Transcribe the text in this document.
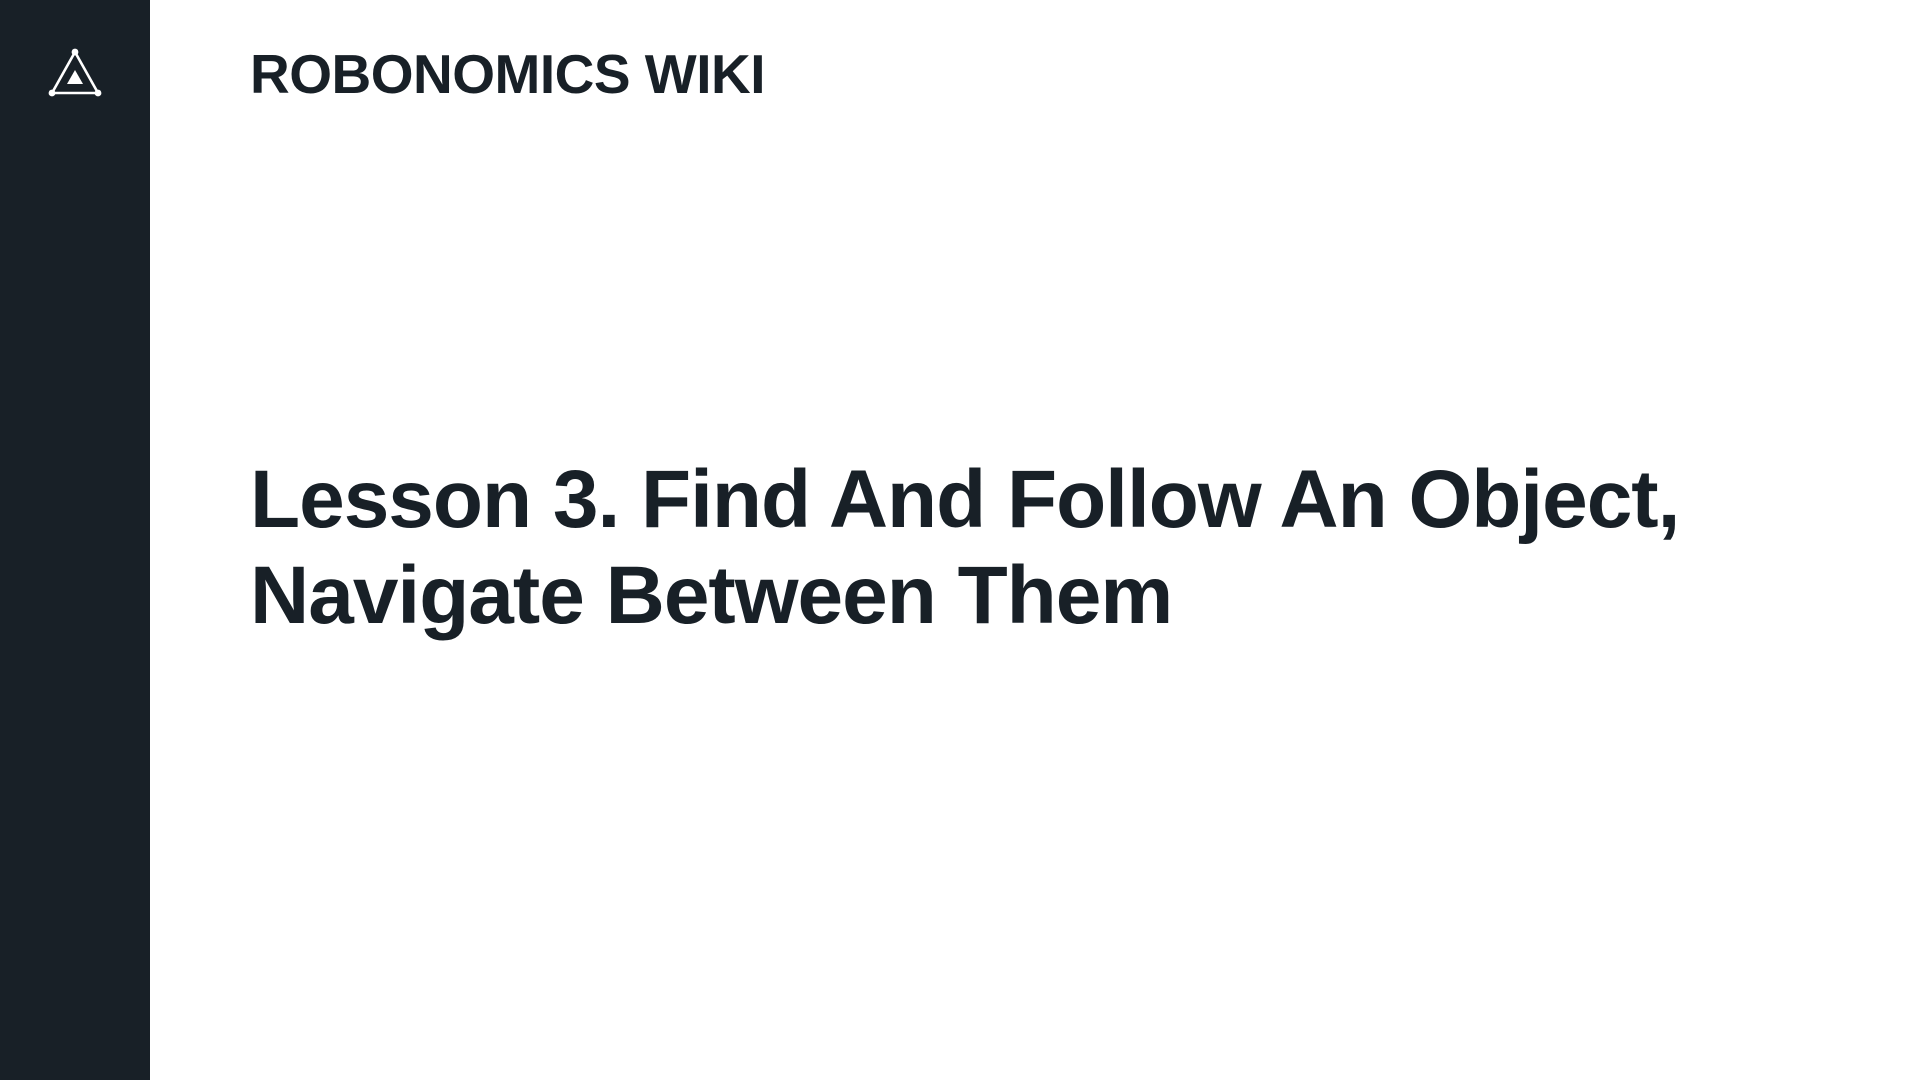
ROBONOMICS WIKI
Lesson 3. Find And Follow An Object, Navigate Between Them
